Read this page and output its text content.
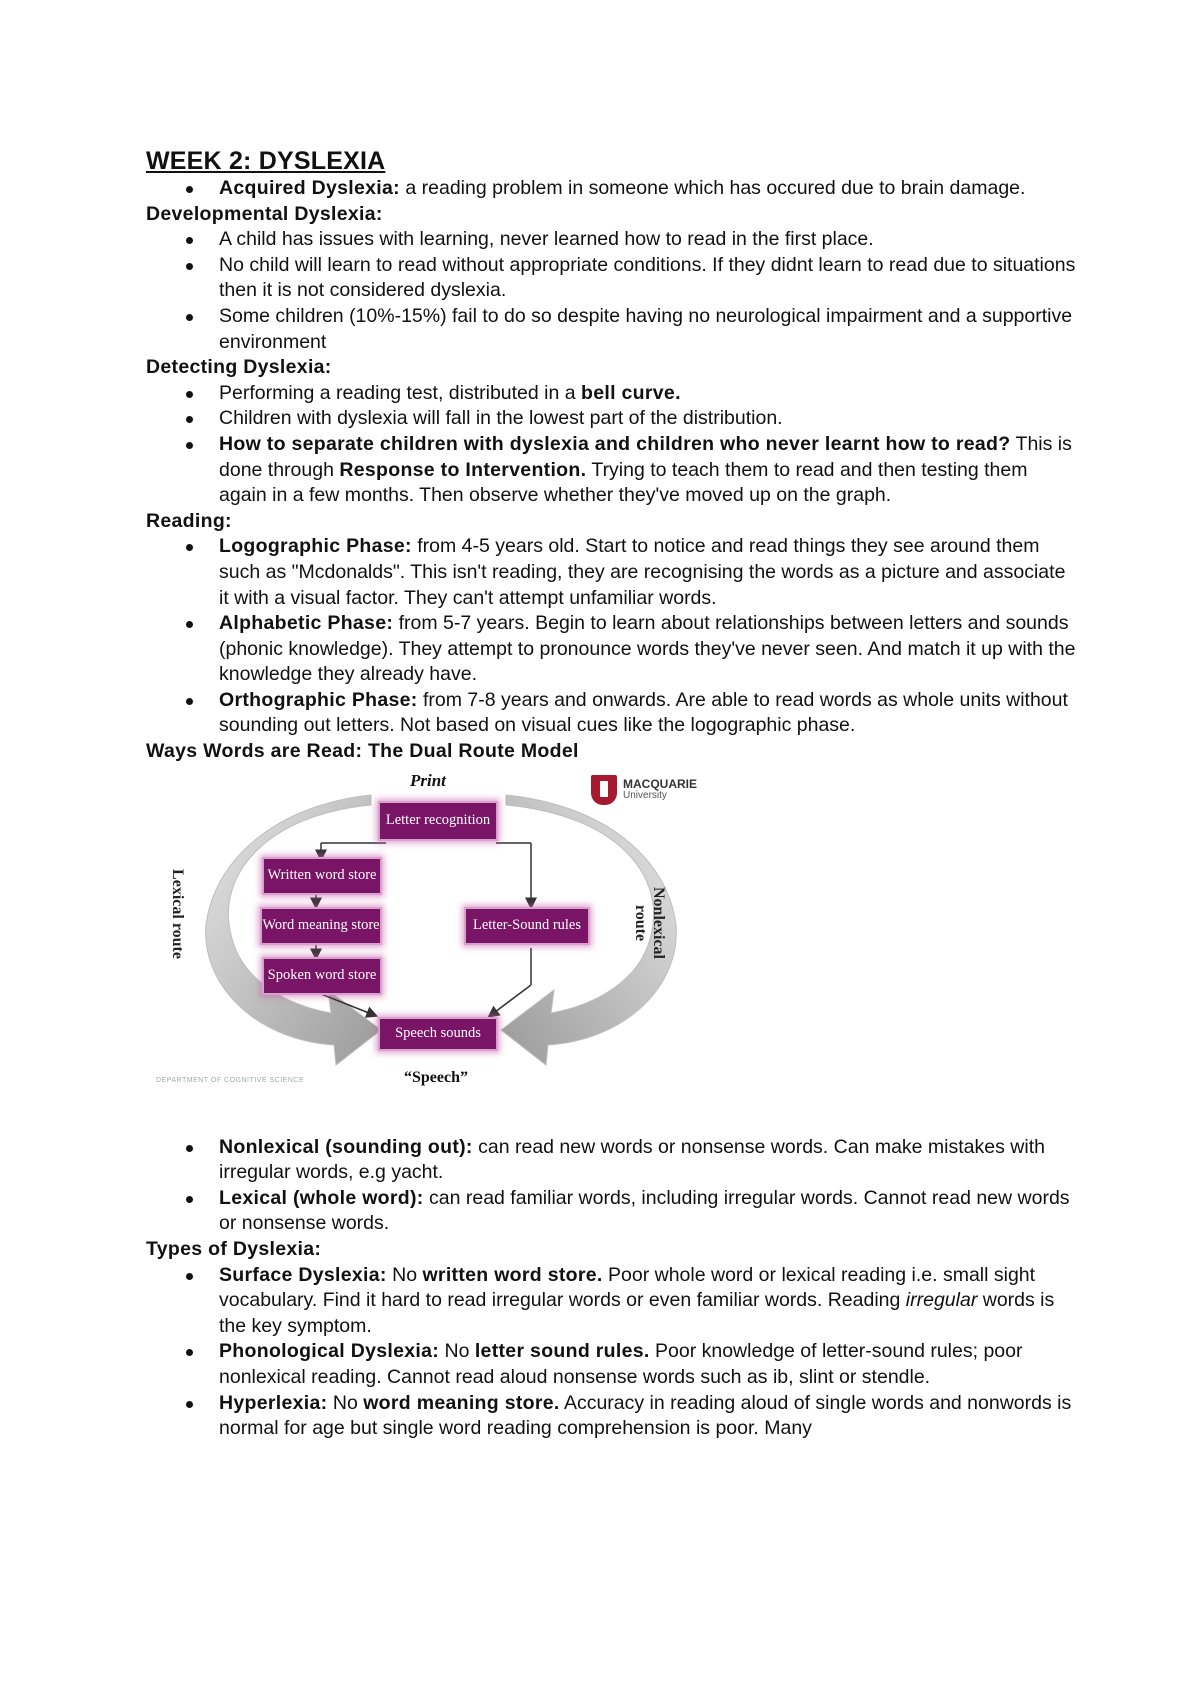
WEEK 2: DYSLEXIA
Acquired Dyslexia: a reading problem in someone which has occured due to brain damage.

Developmental Dyslexia:

A child has issues with learning, never learned how to read in the first place.
No child will learn to read without appropriate conditions. If they didnt learn to read due to situations then it is not considered dyslexia.
Some children (10%-15%) fail to do so despite having no neurological impairment and a supportive environment

Detecting Dyslexia:

Performing a reading test, distributed in a bell curve.
Children with dyslexia will fall in the lowest part of the distribution.
How to separate children with dyslexia and children who never learnt how to read? This is done through Response to Intervention. Trying to teach them to read and then testing them again in a few months. Then observe whether they've moved up on the graph.

Reading:

Logographic Phase: from 4-5 years old. Start to notice and read things they see around them such as "Mcdonalds". This isn't reading, they are recognising the words as a picture and associate it with a visual factor. They can't attempt unfamiliar words.
Alphabetic Phase: from 5-7 years. Begin to learn about relationships between letters and sounds (phonic knowledge). They attempt to pronounce words they've never seen. And match it up with the knowledge they already have.
Orthographic Phase: from 7-8 years and onwards. Are able to read words as whole units without sounding out letters. Not based on visual cues like the logographic phase.

Ways Words are Read: The Dual Route Model

Print	MACQUARIE
University
Letter recognition
Written word store
Word meaning store
Spoken word store
Letter-Sound rules
Speech sounds
Lexical route	Nonlexical route
DEPARTMENT OF COGNITIVE SCIENCE	“Speech”
Nonlexical (sounding out): can read new words or nonsense words. Can make mistakes with irregular words, e.g yacht.
Lexical (whole word): can read familiar words, including irregular words. Cannot read new words or nonsense words.

Types of Dyslexia:

Surface Dyslexia: No written word store. Poor whole word or lexical reading i.e. small sight vocabulary. Find it hard to read irregular words or even familiar words. Reading irregular words is the key symptom.
Phonological Dyslexia: No letter sound rules. Poor knowledge of letter-sound rules; poor nonlexical reading. Cannot read aloud nonsense words such as ib, slint or stendle.
Hyperlexia: No word meaning store. Accuracy in reading aloud of single words and nonwords is normal for age but single word reading comprehension is poor. Many
